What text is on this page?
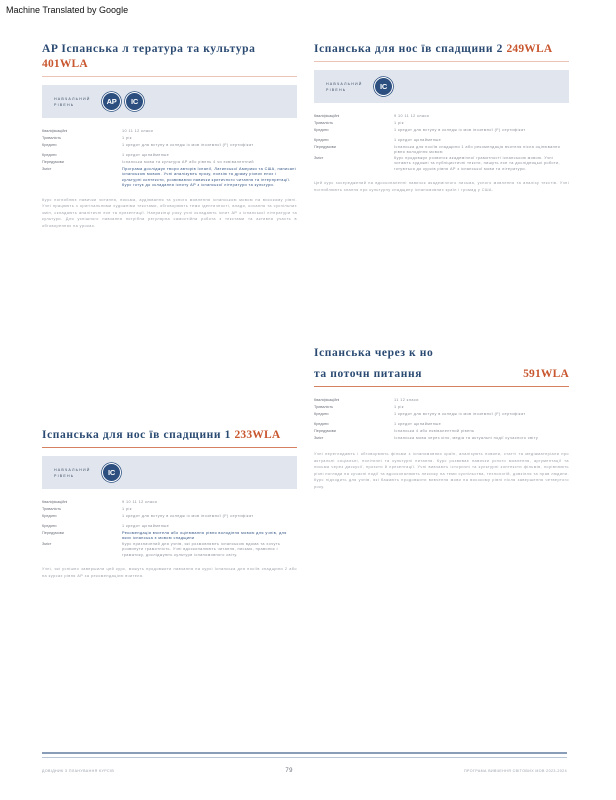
Machine Translated by Google
AP Іспанська л тература та культура 401WLA
НАВЧАЛЬНИЙ РІВЕНЬ	AP	IC
Кваліфікаційні	10 11 12 класи
Тривалість	1 рік
Кредити	1 кредит для вступу в коледж із мов іноземної (F) сертифікат
Кредити	1 кредит щонайменше
Передумови	Іспанська мова та культура AP або рівень 4 чи еквівалентний
Зміст	Програма досліджує твори авторів Іспанії, Латинської Америки та США, написані іспанською мовою. Учні аналізують прозу, поезію та драму різних епох і культурні контексти, розвиваючи навички критичного читання та інтерпретації. Курс готує до складання іспиту AP з іспанської літератури та культури.

Курс поглиблює навички читання, письма, аудіювання та усного мовлення іспанською мовою на високому рівні. Учні працюють з оригінальними художніми текстами, обговорюють теми ідентичності, влади, кохання та суспільних змін, складають аналітичні есе та презентації. Наприкінці року учні складають іспит AP з іспанської літератури та культури. Для успішного навчання потрібна регулярна самостійна робота з текстами та активна участь в обговореннях на уроках.

Іспанська для нос їв спадщини 1 233WLA
НАВЧАЛЬНИЙ РІВЕНЬ	IC
Кваліфікаційні	9 10 11 12 класи
Тривалість	1 рік
Кредити	1 кредит для вступу в коледж із мов іноземної (F) сертифікат
Кредити	1 кредит щонайменше
Передумови	Рекомендація вчителя або оцінювання рівня володіння мовою для учнів, для яких іспанська є мовою спадщини
Зміст	Курс призначений для учнів, які розмовляють іспанською вдома та хочуть розвинути грамотність. Учні вдосконалюють читання, письмо, правопис і граматику, досліджують культури іспаномовного світу.

Учні, які успішно завершили цей курс, можуть продовжити навчання на курсі Іспанська для носіїв спадщини 2 або на курсах рівня AP за рекомендацією вчителя.

Іспанська для нос їв спадщини 2 249WLA
НАВЧАЛЬНИЙ РІВЕНЬ	IC
Кваліфікаційні	9 10 11 12 класи
Тривалість	1 рік
Кредити	1 кредит для вступу в коледж із мов іноземної (F) сертифікат
Кредити	1 кредит щонайменше
Передумови	Іспанська для носіїв спадщини 1 або рекомендація вчителя після оцінювання рівня володіння мовою
Зміст	Курс продовжує розвиток академічної грамотності іспанською мовою. Учні читають художні та публіцистичні тексти, пишуть есе та дослідницькі роботи, готуються до курсів рівня AP з іспанської мови та літератури.

Цей курс зосереджений на вдосконаленні навичок академічного письма, усного мовлення та аналізу текстів. Учні поглиблюють знання про культурну спадщину іспаномовних країн і громад у США.

Іспанська через к но
та поточн питання	591WLA
Кваліфікаційні	11 12 класи
Тривалість	1 рік
Кредити	1 кредит для вступу в коледж із мов іноземної (F) сертифікат
Кредити	1 кредит щонайменше
Передумови	Іспанська 4 або еквівалентний рівень
Зміст	Іспанська мова через кіно, медіа та актуальні події сучасного світу

Учні переглядають і обговорюють фільми з іспаномовних країн, аналізують новини, статті та медіаматеріали про актуальні соціальні, політичні та культурні питання. Курс розвиває навички усного мовлення, аргументації та письма через дискусії, проєкти й презентації. Учні вивчають історичні та культурні контексти фільмів, порівнюють різні погляди на сучасні події та вдосконалюють лексику на теми суспільства, технологій, довкілля та прав людини. Курс підходить для учнів, які бажають продовжити вивчення мови на високому рівні після завершення четвертого року.

ДОВІДНИК З ПЛАНУВАННЯ КУРСІВ	79	ПРОГРАМА ВИВЧЕННЯ СВІТОВИХ МОВ 2023-2024
